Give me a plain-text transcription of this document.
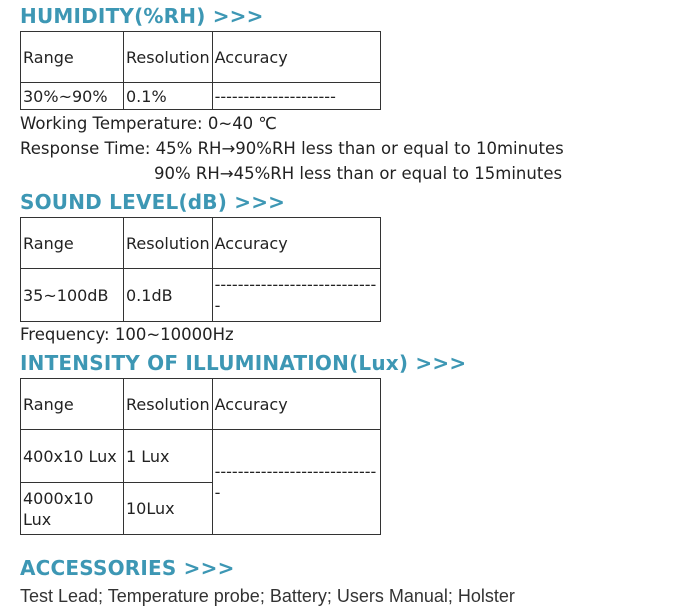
HUMIDITY(%RH) >>>
Range	Resolution	Accuracy
30%~90%	0.1%	---------------------

Working Temperature: 0~40 ℃

Response Time: 45% RH→90%RH less than or equal to 10minutes

90% RH→45%RH less than or equal to 15minutes

SOUND LEVEL(dB) >>>
Range	Resolution	Accuracy
35~100dB	0.1dB	-----------------------------

Frequency: 100~10000Hz

INTENSITY OF ILLUMINATION(Lux) >>>
Range	Resolution	Accuracy
400x10 Lux	1 Lux	-----------------------------
4000x10 Lux	10Lux	
ACCESSORIES >>>

Test Lead; Temperature probe; Battery; Users Manual; Holster
